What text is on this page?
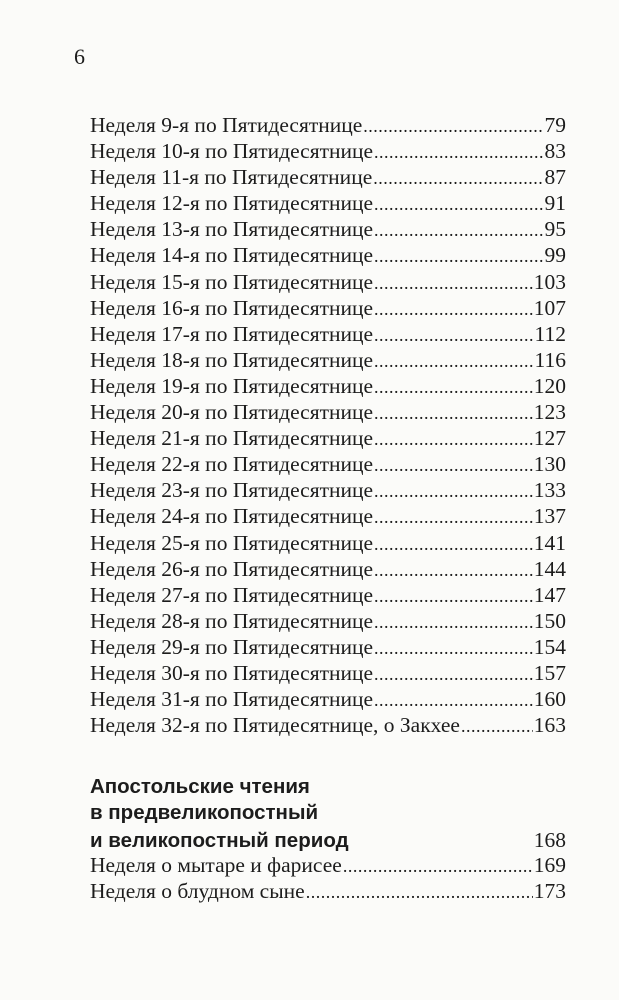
6
Неделя 9-я по Пятидесятнице .....	79
Неделя 10-я по Пятидесятнице .....	83
Неделя 11-я по Пятидесятнице .....	87
Неделя 12-я по Пятидесятнице .....	91
Неделя 13-я по Пятидесятнице .....	95
Неделя 14-я по Пятидесятнице .....	99
Неделя 15-я по Пятидесятнице .....	103
Неделя 16-я по Пятидесятнице .....	107
Неделя 17-я по Пятидесятнице .....	112
Неделя 18-я по Пятидесятнице .....	116
Неделя 19-я по Пятидесятнице .....	120
Неделя 20-я по Пятидесятнице .....	123
Неделя 21-я по Пятидесятнице .....	127
Неделя 22-я по Пятидесятнице .....	130
Неделя 23-я по Пятидесятнице .....	133
Неделя 24-я по Пятидесятнице .....	137
Неделя 25-я по Пятидесятнице .....	141
Неделя 26-я по Пятидесятнице .....	144
Неделя 27-я по Пятидесятнице .....	147
Неделя 28-я по Пятидесятнице .....	150
Неделя 29-я по Пятидесятнице .....	154
Неделя 30-я по Пятидесятнице .....	157
Неделя 31-я по Пятидесятнице .....	160
Неделя 32-я по Пятидесятнице, о Закхее .....	163
Апостольские чтения
в предвеликопостный
и великопостный период	168
Неделя о мытаре и фарисее .....	169
Неделя о блудном сыне .....	173
